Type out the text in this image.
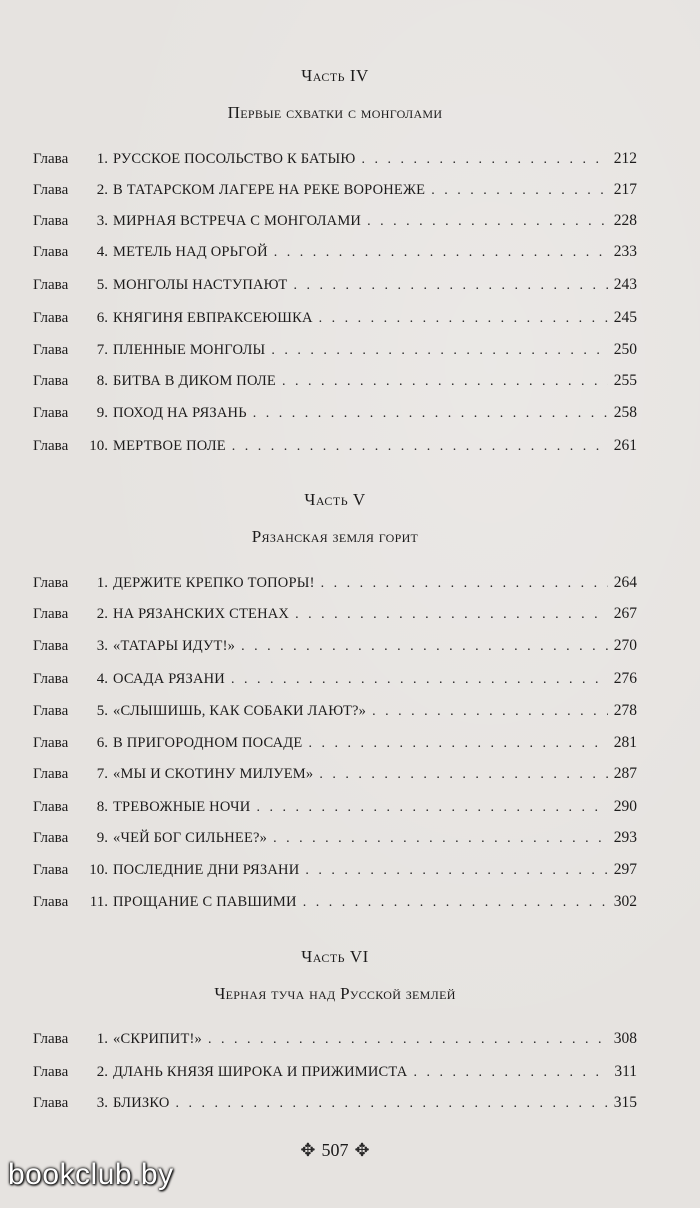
Часть IV
Первые схватки с монголами
Глава	1. РУССКОЕ ПОСОЛЬСТВО К БАТЫЮ . . .	212
Глава	2. В ТАТАРСКОМ ЛАГЕРЕ НА РЕКЕ ВОРОНЕЖЕ . . .	217
Глава	3. МИРНАЯ ВСТРЕЧА С МОНГОЛАМИ . . .	228
Глава	4. МЕТЕЛЬ НАД ОРЬГОЙ . . .	233
Глава	5. МОНГОЛЫ НАСТУПАЮТ . . .	243
Глава	6. КНЯГИНЯ ЕВПРАКСЕЮШКА . . .	245
Глава	7. ПЛЕННЫЕ МОНГОЛЫ . . .	250
Глава	8. БИТВА В ДИКОМ ПОЛЕ . . .	255
Глава	9. ПОХОД НА РЯЗАНЬ . . .	258
Глава	10. МЕРТВОЕ ПОЛЕ . . .	261
Часть V
Рязанская земля горит
Глава	1. ДЕРЖИТЕ КРЕПКО ТОПОРЫ! . . .	264
Глава	2. НА РЯЗАНСКИХ СТЕНАХ . . .	267
Глава	3. «ТАТАРЫ ИДУТ!» . . .	270
Глава	4. ОСАДА РЯЗАНИ . . .	276
Глава	5. «СЛЫШИШЬ, КАК СОБАКИ ЛАЮТ?» . . .	278
Глава	6. В ПРИГОРОДНОМ ПОСАДЕ . . .	281
Глава	7. «МЫ И СКОТИНУ МИЛУЕМ» . . .	287
Глава	8. ТРЕВОЖНЫЕ НОЧИ . . .	290
Глава	9. «ЧЕЙ БОГ СИЛЬНЕЕ?» . . .	293
Глава	10. ПОСЛЕДНИЕ ДНИ РЯЗАНИ . . .	297
Глава	11. ПРОЩАНИЕ С ПАВШИМИ . . .	302
Часть VI
Черная туча над Русской землей
Глава	1. «СКРИПИТ!» . . .	308
Глава	2. ДЛАНЬ КНЯЗЯ ШИРОКА И ПРИЖИМИСТА . . .	311
Глава	3. БЛИЗКО . . .	315
✥ 507 ✥
bookclub.by
